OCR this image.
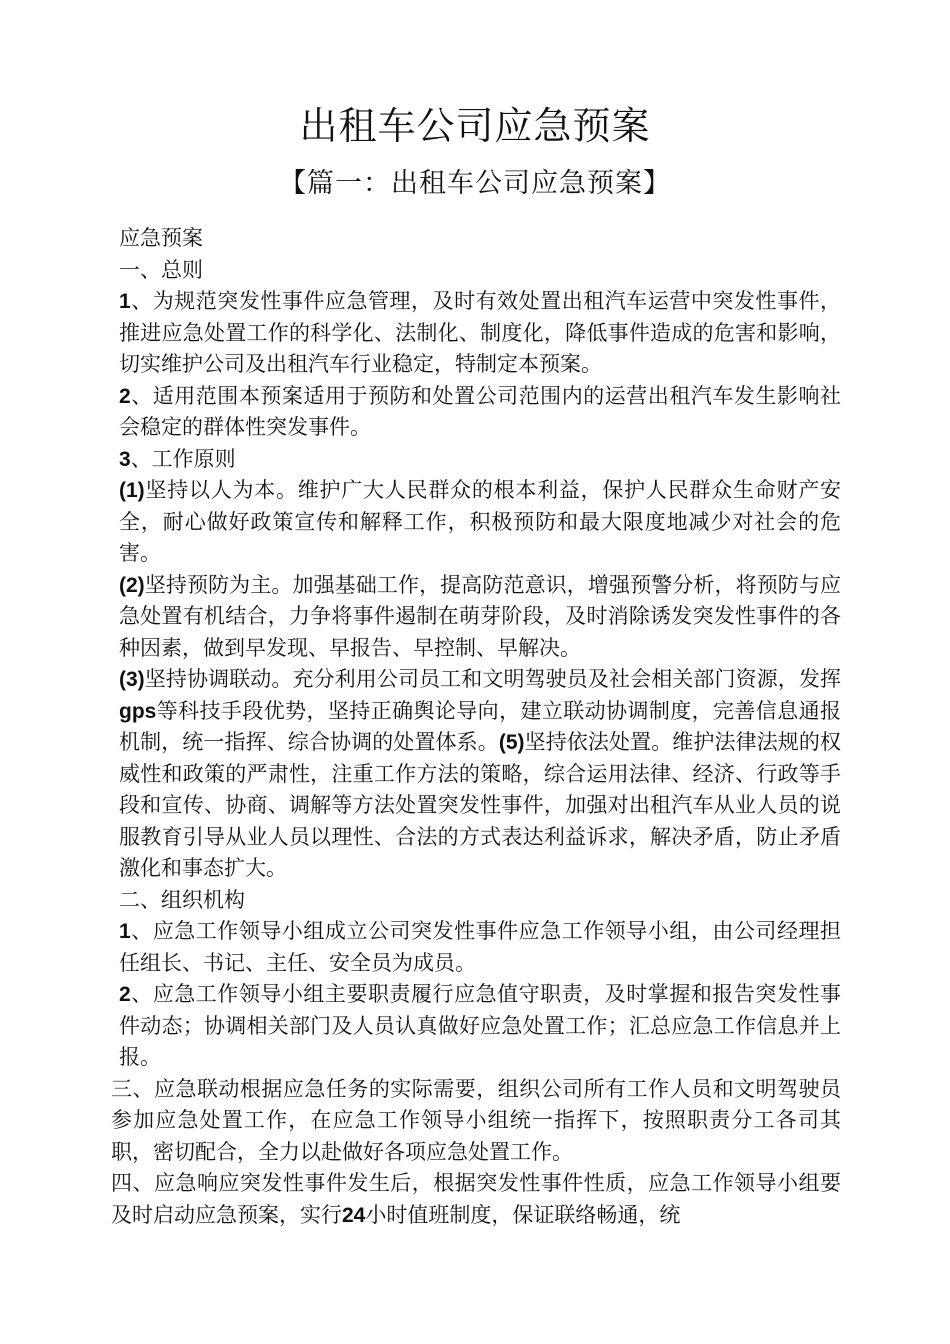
出租车公司应急预案
【篇一：出租车公司应急预案】

应急预案

一、总则

1、为规范突发性事件应急管理，及时有效处置出租汽车运营中突发性事件，推进应急处置工作的科学化、法制化、制度化，降低事件造成的危害和影响，切实维护公司及出租汽车行业稳定，特制定本预案。

2、适用范围本预案适用于预防和处置公司范围内的运营出租汽车发生影响社会稳定的群体性突发事件。

3、工作原则

(1)坚持以人为本。维护广大人民群众的根本利益，保护人民群众生命财产安全，耐心做好政策宣传和解释工作，积极预防和最大限度地减少对社会的危害。

(2)坚持预防为主。加强基础工作，提高防范意识，增强预警分析，将预防与应急处置有机结合，力争将事件遏制在萌芽阶段，及时消除诱发突发性事件的各种因素，做到早发现、早报告、早控制、早解决。

(3)坚持协调联动。充分利用公司员工和文明驾驶员及社会相关部门资源，发挥gps等科技手段优势，坚持正确舆论导向，建立联动协调制度，完善信息通报机制，统一指挥、综合协调的处置体系。(5)坚持依法处置。维护法律法规的权威性和政策的严肃性，注重工作方法的策略，综合运用法律、经济、行政等手段和宣传、协商、调解等方法处置突发性事件，加强对出租汽车从业人员的说服教育引导从业人员以理性、合法的方式表达利益诉求，解决矛盾，防止矛盾激化和事态扩大。

二、组织机构

1、应急工作领导小组成立公司突发性事件应急工作领导小组，由公司经理担任组长、书记、主任、安全员为成员。

2、应急工作领导小组主要职责履行应急值守职责，及时掌握和报告突发性事件动态；协调相关部门及人员认真做好应急处置工作；汇总应急工作信息并上报。

三、应急联动根据应急任务的实际需要，组织公司所有工作人员和文明驾驶员参加应急处置工作，在应急工作领导小组统一指挥下，按照职责分工各司其职，密切配合，全力以赴做好各项应急处置工作。

四、应急响应突发性事件发生后，根据突发性事件性质，应急工作领导小组要及时启动应急预案，实行24小时值班制度，保证联络畅通，统
